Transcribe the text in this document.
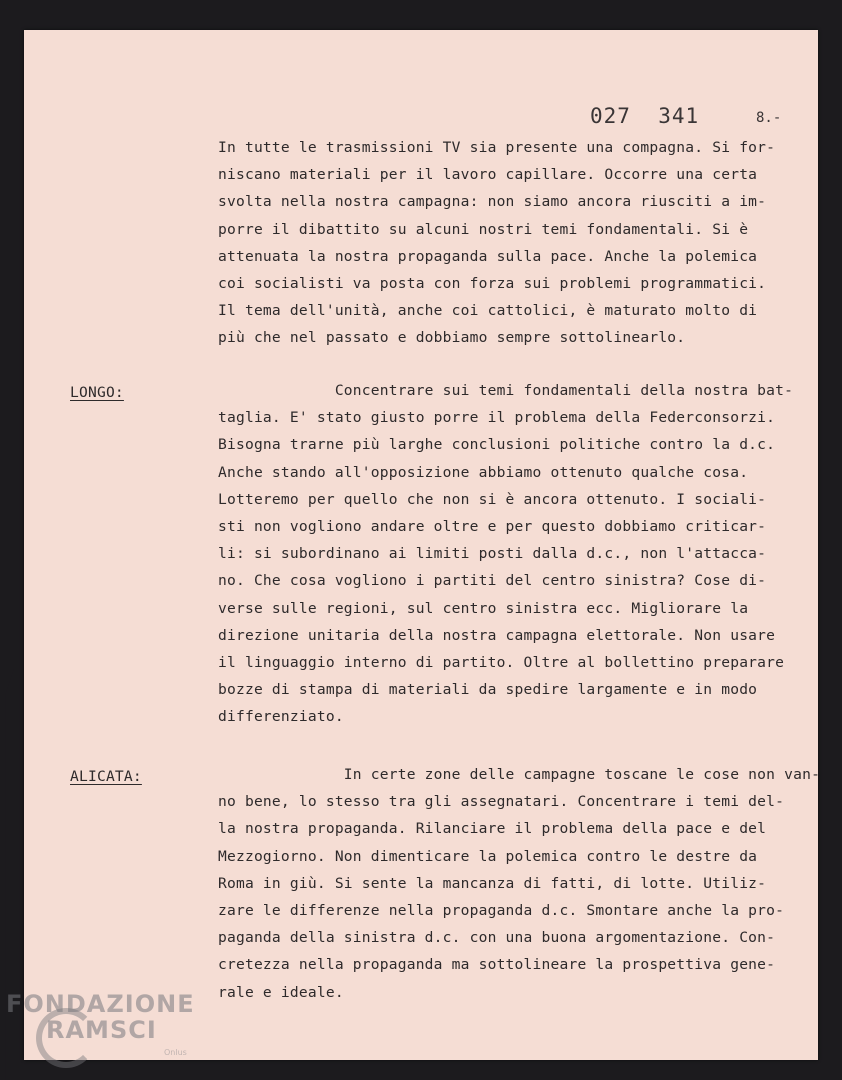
027  341	8.-
In tutte le trasmissioni TV sia presente una compagna. Si for-
niscano materiali per il lavoro capillare. Occorre una certa
svolta nella nostra campagna: non siamo ancora riusciti a im-
porre il dibattito su alcuni nostri temi fondamentali. Si è
attenuata la nostra propaganda sulla pace. Anche la polemica
coi socialisti va posta con forza sui problemi programmatici.
Il tema dell'unità, anche coi cattolici, è maturato molto di
più che nel passato e dobbiamo sempre sottolinearlo.
LONGO:	Concentrare sui temi fondamentali della nostra bat-
taglia. E' stato giusto porre il problema della Federconsorzi.
Bisogna trarne più larghe conclusioni politiche contro la d.c.
Anche stando all'opposizione abbiamo ottenuto qualche cosa.
Lotteremo per quello che non si è ancora ottenuto. I sociali-
sti non vogliono andare oltre e per questo dobbiamo criticar-
li: si subordinano ai limiti posti dalla d.c., non l'attacca-
no. Che cosa vogliono i partiti del centro sinistra? Cose di-
verse sulle regioni, sul centro sinistra ecc. Migliorare la
direzione unitaria della nostra campagna elettorale. Non usare
il linguaggio interno di partito. Oltre al bollettino preparare
bozze di stampa di materiali da spedire largamente e in modo
differenziato.
ALICATA:	In certe zone delle campagne toscane le cose non van-
no bene, lo stesso tra gli assegnatari. Concentrare i temi del-
la nostra propaganda. Rilanciare il problema della pace e del
Mezzogiorno. Non dimenticare la polemica contro le destre da
Roma in giù. Si sente la mancanza di fatti, di lotte. Utiliz-
zare le differenze nella propaganda d.c. Smontare anche la pro-
paganda della sinistra d.c. con una buona argomentazione. Con-
cretezza nella propaganda ma sottolineare la prospettiva gene-
rale e ideale.
FONDAZIONE
RAMSCI
Onlus
